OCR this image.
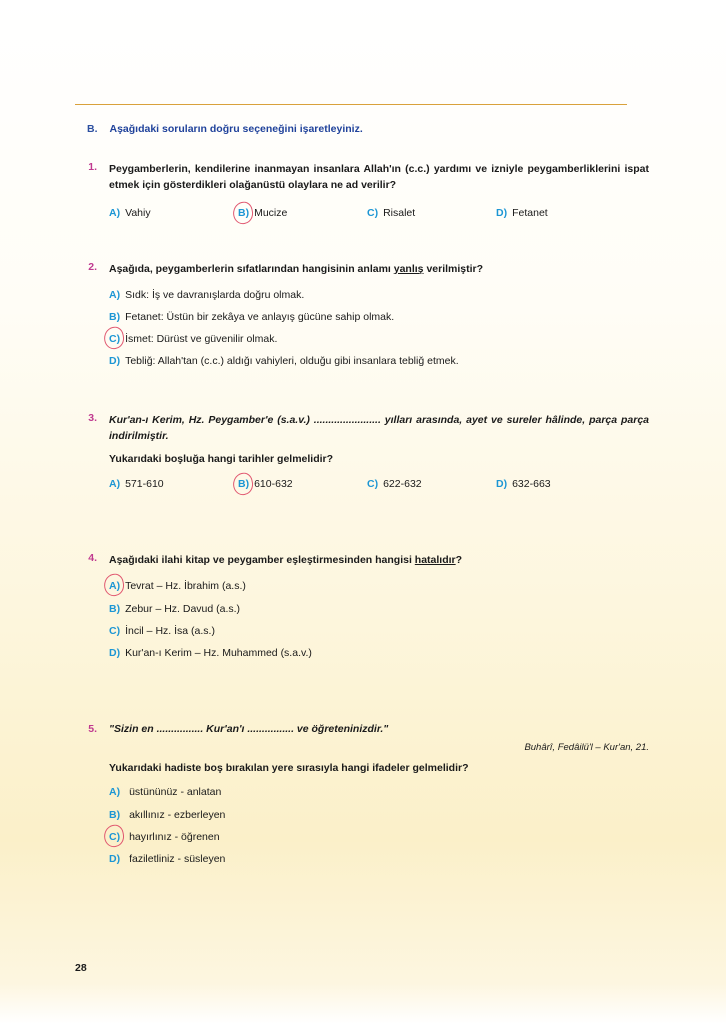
B. Aşağıdaki soruların doğru seçeneğini işaretleyiniz.
1. Peygamberlerin, kendilerine inanmayan insanlara Allah'ın (c.c.) yardımı ve izniyle peygamberliklerini ispat etmek için gösterdikleri olağanüstü olaylara ne ad verilir?
A) Vahiy	B) Mucize	C) Risalet	D) Fetanet
2. Aşağıda, peygamberlerin sıfatlarından hangisinin anlamı yanlış verilmiştir?
A) Sıdk: İş ve davranışlarda doğru olmak.
B) Fetanet: Üstün bir zekâya ve anlayış gücüne sahip olmak.
C) İsmet: Dürüst ve güvenilir olmak.
D) Tebliğ: Allah'tan (c.c.) aldığı vahiyleri, olduğu gibi insanlara tebliğ etmek.
3. Kur'an-ı Kerim, Hz. Peygamber'e (s.a.v.) ....................... yılları arasında, ayet ve sureler hâlinde, parça parça indirilmiştir.
Yukarıdaki boşluğa hangi tarihler gelmelidir?
A) 571-610	B) 610-632	C) 622-632	D) 632-663
4. Aşağıdaki ilahi kitap ve peygamber eşleştirmesinden hangisi hatalıdır?
A) Tevrat – Hz. İbrahim (a.s.)
B) Zebur – Hz. Davud (a.s.)
C) İncil – Hz. İsa (a.s.)
D) Kur'an-ı Kerim – Hz. Muhammed (s.a.v.)
5. "Sizin en ................ Kur'an'ı ................ ve öğreteninizdir."
Buhârî, Fedâilü'l – Kur'an, 21.
Yukarıdaki hadiste boş bırakılan yere sırasıyla hangi ifadeler gelmelidir?
A) üstününüz - anlatan
B) akıllınız - ezberleyen
C) hayırlınız - öğrenen
D) faziletliniz - süsleyen
28
